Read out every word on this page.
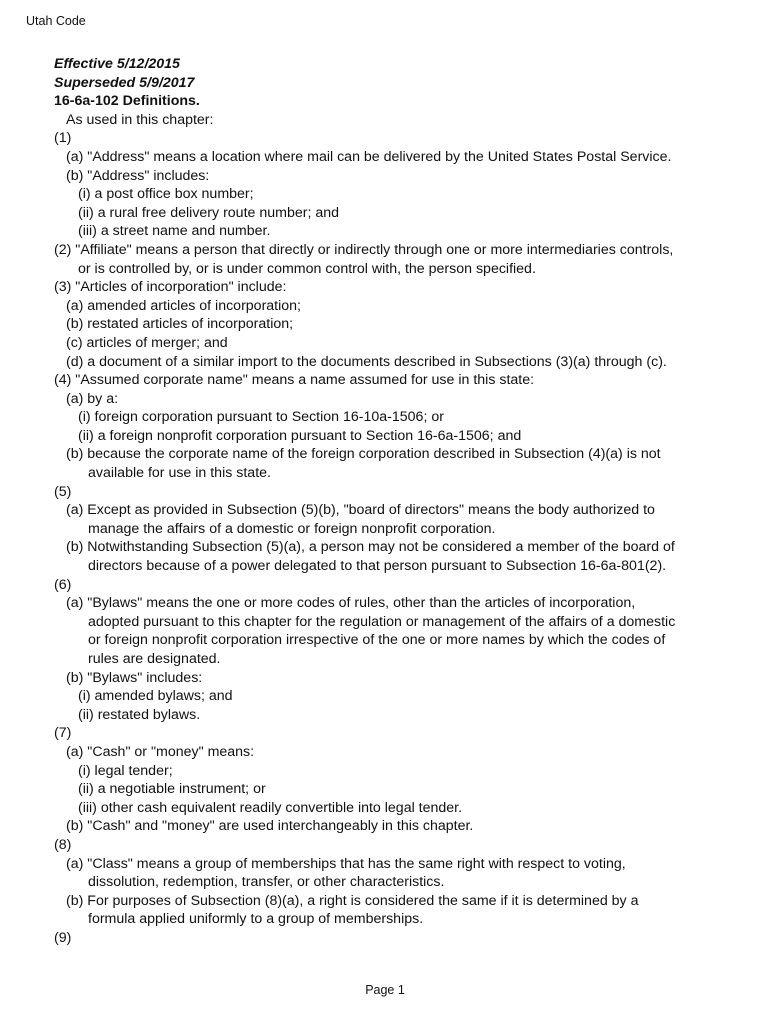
Utah Code
Effective 5/12/2015
Superseded 5/9/2017
16-6a-102 Definitions.
As used in this chapter:
(1)
(a) "Address" means a location where mail can be delivered by the United States Postal Service.
(b) "Address" includes:
(i) a post office box number;
(ii) a rural free delivery route number; and
(iii) a street name and number.
(2) "Affiliate" means a person that directly or indirectly through one or more intermediaries controls,
or is controlled by, or is under common control with, the person specified.
(3) "Articles of incorporation" include:
(a) amended articles of incorporation;
(b) restated articles of incorporation;
(c) articles of merger; and
(d) a document of a similar import to the documents described in Subsections (3)(a) through (c).
(4) "Assumed corporate name" means a name assumed for use in this state:
(a) by a:
(i) foreign corporation pursuant to Section 16-10a-1506; or
(ii) a foreign nonprofit corporation pursuant to Section 16-6a-1506; and
(b) because the corporate name of the foreign corporation described in Subsection (4)(a) is not
available for use in this state.
(5)
(a) Except as provided in Subsection (5)(b), "board of directors" means the body authorized to
manage the affairs of a domestic or foreign nonprofit corporation.
(b) Notwithstanding Subsection (5)(a), a person may not be considered a member of the board of
directors because of a power delegated to that person pursuant to Subsection 16-6a-801(2).
(6)
(a) "Bylaws" means the one or more codes of rules, other than the articles of incorporation,
adopted pursuant to this chapter for the regulation or management of the affairs of a domestic
or foreign nonprofit corporation irrespective of the one or more names by which the codes of
rules are designated.
(b) "Bylaws" includes:
(i) amended bylaws; and
(ii) restated bylaws.
(7)
(a) "Cash" or "money" means:
(i) legal tender;
(ii) a negotiable instrument; or
(iii) other cash equivalent readily convertible into legal tender.
(b) "Cash" and "money" are used interchangeably in this chapter.
(8)
(a) "Class" means a group of memberships that has the same right with respect to voting,
dissolution, redemption, transfer, or other characteristics.
(b) For purposes of Subsection (8)(a), a right is considered the same if it is determined by a
formula applied uniformly to a group of memberships.
(9)
Page 1
